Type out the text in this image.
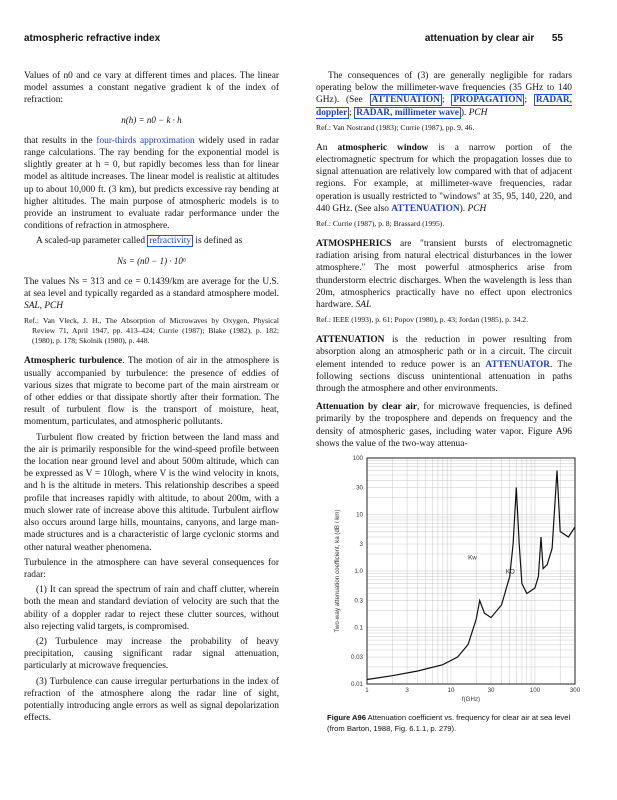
atmospheric refractive index	attenuation by clear air 55

Values of n0 and ce vary at different times and places. The linear model assumes a constant negative gradient k of the index of refraction:

n(h) = n0 − k · h

that results in the four-thirds approximation widely used in radar range calculations. The ray bending for the exponential model is slightly greater at h = 0, but rapidly becomes less than for linear model as altitude increases. The linear model is realistic at altitudes up to about 10,000 ft. (3 km), but predicts excessive ray bending at higher altitudes. The main purpose of atmospheric models is to provide an instrument to evaluate radar performance under the conditions of refraction in atmosphere.

A scaled-up parameter called refractivity is defined as

Ns = (n0 − 1) · 10⁶

The values Ns = 313 and ce = 0.1439/km are average for the U.S. at sea level and typically regarded as a standard atmosphere model. SAL, PCH

Ref.: Van Vleck, J. H., The Absorption of Microwaves by Oxygen, Physical Review 71, April 1947, pp. 413–424; Currie (1987); Blake (1982), p. 182; (1980), p. 178; Skolnik (1980), p. 448.

Atmospheric turbulence. The motion of air in the atmosphere is usually accompanied by turbulence: the presence of eddies of various sizes that migrate to become part of the main airstream or of other eddies or that dissipate shortly after their formation. The result of turbulent flow is the transport of moisture, heat, momentum, particulates, and atmospheric pollutants.

Turbulent flow created by friction between the land mass and the air is primarily responsible for the wind-speed profile between the location near ground level and about 500m altitude, which can be expressed as V = 10logh, where V is the wind velocity in knots, and h is the altitude in meters. This relationship describes a speed profile that increases rapidly with altitude, to about 200m, with a much slower rate of increase above this altitude. Turbulent airflow also occurs around large hills, mountains, canyons, and large man-made structures and is a characteristic of large cyclonic storms and other natural weather phenomena.

Turbulence in the atmosphere can have several consequences for radar:

(1) It can spread the spectrum of rain and chaff clutter, wherein both the mean and standard deviation of velocity are such that the ability of a doppler radar to reject these clutter sources, without also rejecting valid targets, is compromised.

(2) Turbulence may increase the probability of heavy precipitation, causing significant radar signal attenuation, particularly at microwave frequencies.

(3) Turbulence can cause irregular perturbations in the index of refraction of the atmosphere along the radar line of sight, potentially introducing angle errors as well as signal depolarization effects.

The consequences of (3) are generally negligible for radars operating below the millimeter-wave frequencies (35 GHz to 140 GHz). (See ATTENUATION ; PROPAGATION ; RADAR, doppler ; RADAR, millimeter wave ). PCH

Ref.: Van Nostrand (1983); Currie (1987), pp. 9, 46.

An atmospheric window is a narrow portion of the electromagnetic spectrum for which the propagation losses due to signal attenuation are relatively low compared with that of adjacent regions. For example, at millimeter-wave frequencies, radar operation is usually restricted to "windows" at 35, 95, 140, 220, and 440 GHz. (See also ATTENUATION). PCH

Ref.: Currie (1987), p. 8; Brassard (1995).

ATMOSPHERICS are "transient bursts of electromagnetic radiation arising from natural electrical disturbances in the lower atmosphere." The most powerful atmospherics arise from thunderstorm electric discharges. When the wavelength is less than 20m, atmospherics practically have no effect upon electronics hardware. SAL

Ref.: IEEE (1993), p. 61; Popov (1980), p. 43; Jordan (1985), p. 34.2.

ATTENUATION is the reduction in power resulting from absorption along an atmospheric path or in a circuit. The circuit element intended to reduce power is an ATTENUATOR. The following sections discuss unintentional attenuation in paths through the atmosphere and other environments.

Attenuation by clear air, for microwave frequencies, is defined primarily by the troposphere and depends on frequency and the density of atmospheric gases, including water vapor. Figure A96 shows the value of the two-way attenua-

1	3	10	30	100	300
100
30
10
3
1.0
0.3
0.1
0.03
0.01
f(GHz)
Two-way attenuation coefficient, ka (dB / km)	KO
Kw
Figure A96 Attenuation coefficient vs. frequency for clear air at sea level (from Barton, 1988, Fig. 6.1.1, p. 279).
